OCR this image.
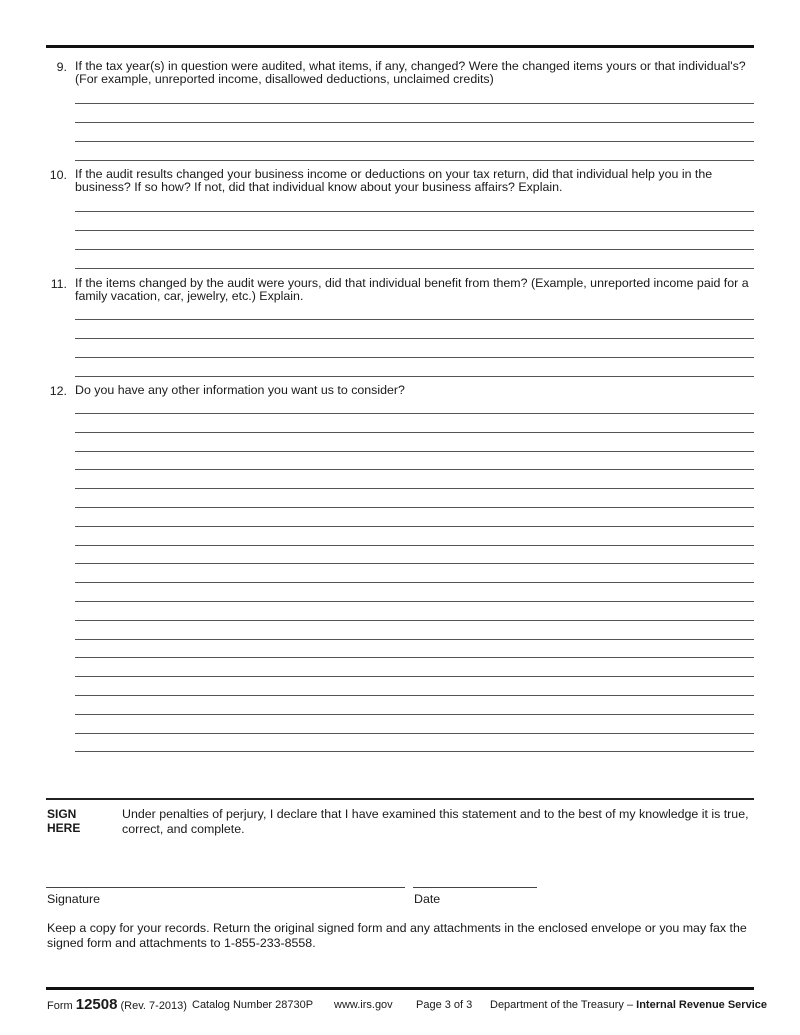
9. If the tax year(s) in question were audited, what items, if any, changed? Were the changed items yours or that individual's? (For example, unreported income, disallowed deductions, unclaimed credits)
10. If the audit results changed your business income or deductions on your tax return, did that individual help you in the business? If so how? If not, did that individual know about your business affairs? Explain.
11. If the items changed by the audit were yours, did that individual benefit from them? (Example, unreported income paid for a family vacation, car, jewelry, etc.) Explain.
12. Do you have any other information you want us to consider?
SIGN
HERE
Under penalties of perjury, I declare that I have examined this statement and to the best of my knowledge it is true, correct, and complete.
Signature	Date
Keep a copy for your records. Return the original signed form and any attachments in the enclosed envelope or you may fax the signed form and attachments to 1-855-233-8558.
Form 12508 (Rev. 7-2013) Catalog Number 28730P www.irs.gov Page 3 of 3 Department of the Treasury – Internal Revenue Service
